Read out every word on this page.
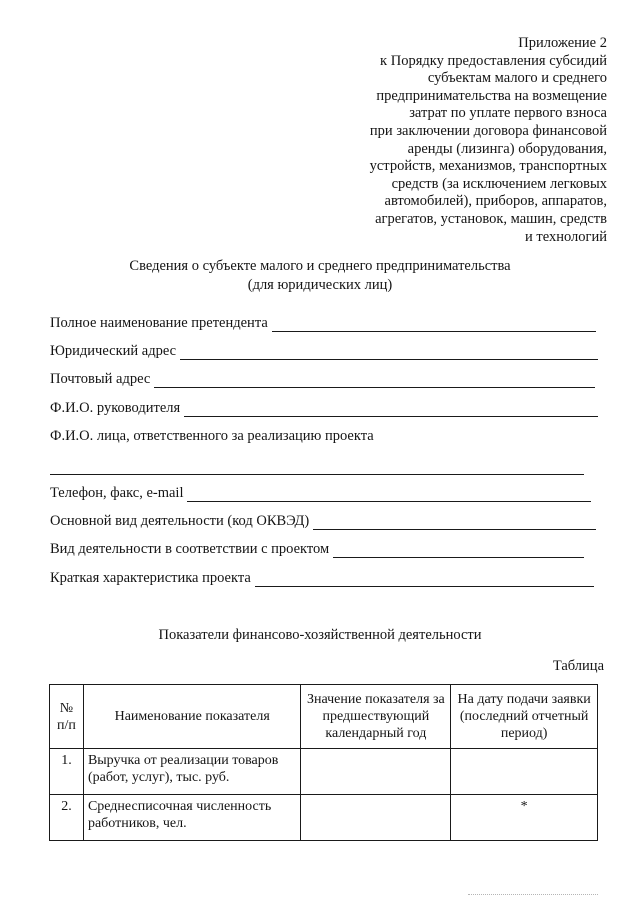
Приложение 2
к Порядку предоставления субсидий
субъектам малого и среднего
предпринимательства на возмещение
затрат по уплате первого взноса
при заключении договора финансовой
аренды (лизинга) оборудования,
устройств, механизмов, транспортных
средств (за исключением легковых
автомобилей), приборов, аппаратов,
агрегатов, установок, машин, средств
и технологий
Сведения о субъекте малого и среднего предпринимательства
(для юридических лиц)
Полное наименование претендента
Юридический адрес
Почтовый адрес
Ф.И.О. руководителя
Ф.И.О. лица, ответственного за реализацию проекта
Телефон, факс, e-mail
Основной вид деятельности (код ОКВЭД)
Вид деятельности в соответствии с проектом
Краткая характеристика проекта
Показатели финансово-хозяйственной деятельности
Таблица
№ п/п	Наименование показателя	Значение показателя за предшествующий календарный год	На дату подачи заявки (последний отчетный период)
1.	Выручка от реализации товаров (работ, услуг), тыс. руб.		
2.	Среднесписочная численность работников, чел.		*
